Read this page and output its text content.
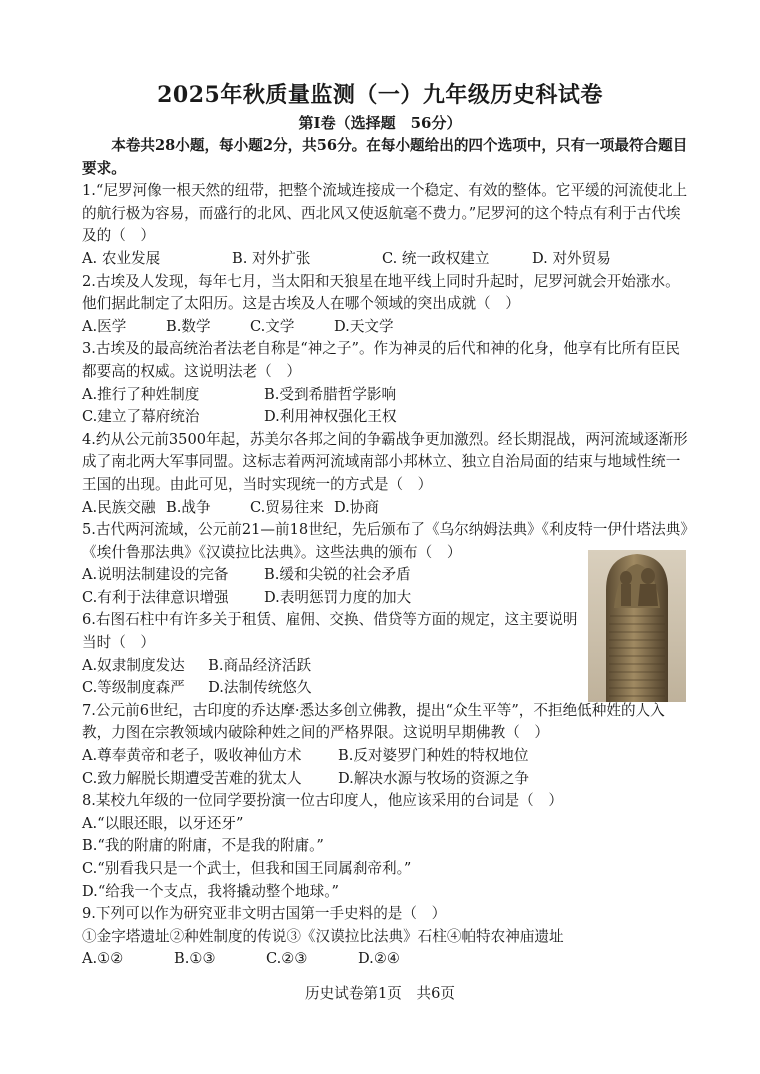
2025年秋质量监测（一）九年级历史科试卷
第I卷（选择题　56分）

本卷共28小题，每小题2分，共56分。在每小题给出的四个选项中，只有一项最符合题目要求。

1.“尼罗河像一根天然的纽带，把整个流域连接成一个稳定、有效的整体。它平缓的河流使北上的航行极为容易，而盛行的北风、西北风又使返航毫不费力。”尼罗河的这个特点有利于古代埃及的（　）

A. 农业发展	B. 对外扩张	C. 统一政权建立	D. 对外贸易

2.古埃及人发现，每年七月，当太阳和天狼星在地平线上同时升起时，尼罗河就会开始涨水。他们据此制定了太阳历。这是古埃及人在哪个领域的突出成就（　）

A.医学	B.数学	C.文学	D.天文学

3.古埃及的最高统治者法老自称是“神之子”。作为神灵的后代和神的化身，他享有比所有臣民都要高的权威。这说明法老（　）

A.推行了种姓制度	B.受到希腊哲学影响
C.建立了幕府统治	D.利用神权强化王权

4.约从公元前3500年起，苏美尔各邦之间的争霸战争更加激烈。经长期混战，两河流域逐渐形成了南北两大军事同盟。这标志着两河流域南部小邦林立、独立自治局面的结束与地域性统一王国的出现。由此可见，当时实现统一的方式是（　）

A.民族交融 B.战争	C.贸易往来 D.协商

5.古代两河流域，公元前21—前18世纪，先后颁布了《乌尔纳姆法典》《利皮特一伊什塔法典》《埃什鲁那法典》《汉谟拉比法典》。这些法典的颁布（　）

A.说明法制建设的完备	B.缓和尖锐的社会矛盾
C.有利于法律意识增强	D.表明惩罚力度的加大

6.右图石柱中有许多关于租赁、雇佣、交换、借贷等方面的规定，这主要说明当时（　）

A.奴隶制度发达	B.商品经济活跃
C.等级制度森严	D.法制传统悠久

7.公元前6世纪，古印度的乔达摩·悉达多创立佛教，提出“众生平等”，不拒绝低种姓的人入教，力图在宗教领域内破除种姓之间的严格界限。这说明早期佛教（　）

A.尊奉黄帝和老子，吸收神仙方术	B.反对婆罗门种姓的特权地位
C.致力解脱长期遭受苦难的犹太人	D.解决水源与牧场的资源之争

8.某校九年级的一位同学要扮演一位古印度人，他应该采用的台词是（　）

A.“以眼还眼，以牙还牙”

B.“我的附庸的附庸，不是我的附庸。”

C.“别看我只是一个武士，但我和国王同属刹帝利。”

D.“给我一个支点，我将撬动整个地球。”

9.下列可以作为研究亚非文明古国第一手史料的是（　）

①金字塔遗址②种姓制度的传说③《汉谟拉比法典》石柱④帕特农神庙遗址

A.①②	B.①③	C.②③	D.②④
历史试卷第1页　共6页
